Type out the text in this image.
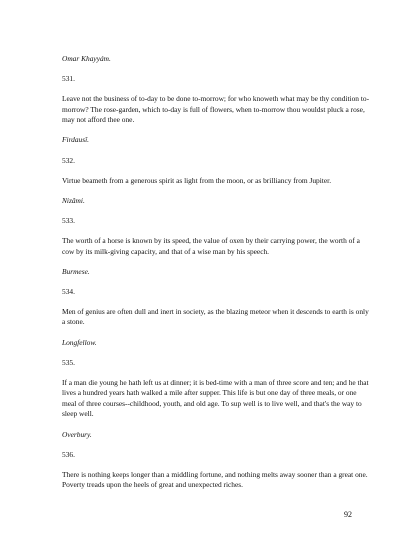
Omar Khayyám.

531.

Leave not the business of to-day to be done to-morrow; for who knoweth what may be thy condition to-morrow? The rose-garden, which to-day is full of flowers, when to-morrow thou wouldst pluck a rose, may not afford thee one.

Firdausî.

532.

Virtue beameth from a generous spirit as light from the moon, or as brilliancy from Jupiter.

Nizâmi.

533.

The worth of a horse is known by its speed, the value of oxen by their carrying power, the worth of a cow by its milk-giving capacity, and that of a wise man by his speech.

Burmese.

534.

Men of genius are often dull and inert in society, as the blazing meteor when it descends to earth is only a stone.

Longfellow.

535.

If a man die young he hath left us at dinner; it is bed-time with a man of three score and ten; and he that lives a hundred years hath walked a mile after supper. This life is but one day of three meals, or one meal of three courses--childhood, youth, and old age. To sup well is to live well, and that's the way to sleep well.

Overbury.

536.

There is nothing keeps longer than a middling fortune, and nothing melts away sooner than a great one. Poverty treads upon the heels of great and unexpected riches.

92
